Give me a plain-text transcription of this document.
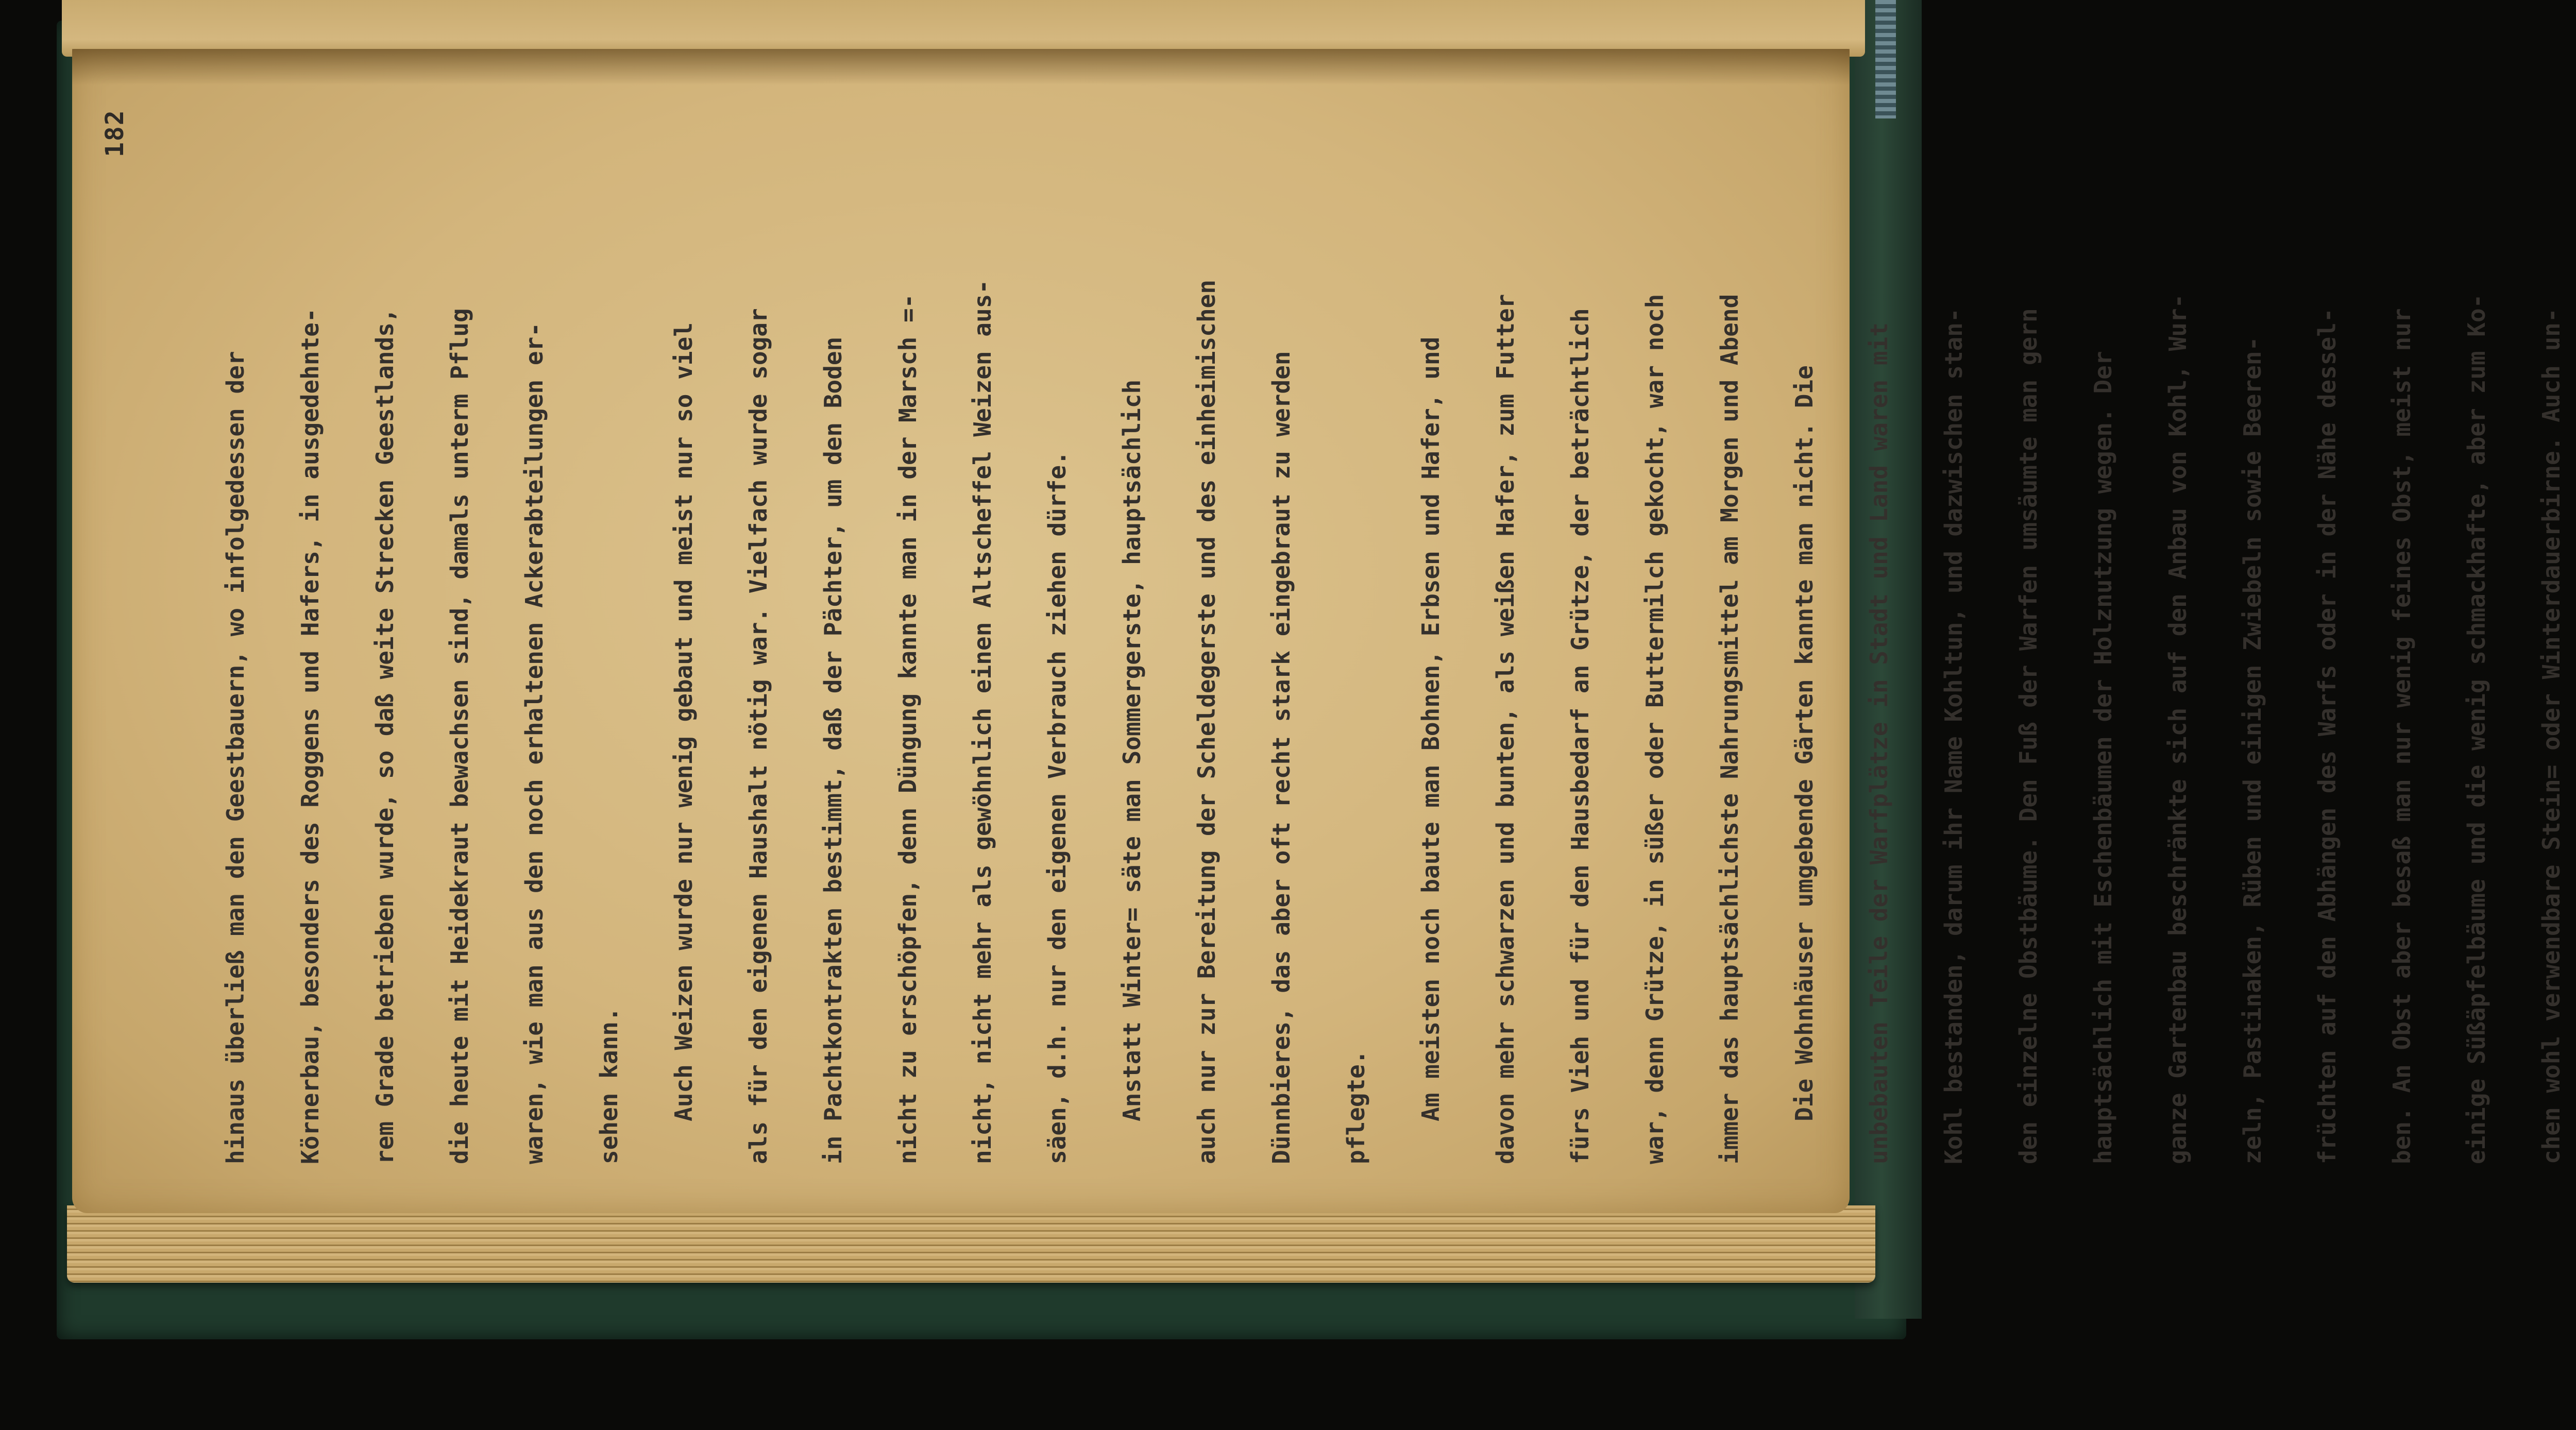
182
hinaus überließ man den Geestbauern, wo infolgedessen der	Körnerbau, besonders des Roggens und Hafers, in ausgedehnte-	rem Grade betrieben wurde, so daß weite Strecken Geestlands,	die heute mit Heidekraut bewachsen sind, damals unterm Pflug	waren, wie man aus den noch erhaltenen Ackerabteilungen er-	sehen kann.	Auch Weizen wurde nur wenig gebaut und meist nur so viel	als für den eigenen Haushalt nötig war. Vielfach wurde sogar	in Pachtkontrakten bestimmt, daß der Pächter, um den Boden	nicht zu erschöpfen, denn Düngung kannte man in der Marsch =-	nicht, nicht mehr als gewöhnlich einen Altscheffel Weizen aus-	säen, d.h. nur den eigenen Verbrauch ziehen dürfe.	Anstatt Winter= säte man Sommergerste, hauptsächlich	auch nur zur Bereitung der Scheldegerste und des einheimischen	Dünnbieres, das aber oft recht stark eingebraut zu werden	pflegte.	Am meisten noch baute man Bohnen, Erbsen und Hafer, und	davon mehr schwarzen und bunten, als weißen Hafer, zum Futter	fürs Vieh und für den Hausbedarf an Grütze, der beträchtlich	war, denn Grütze, in süßer oder Buttermilch gekocht, war noch	immer das hauptsächlichste Nahrungsmittel am Morgen und Abend	Die Wohnhäuser umgebende Gärten kannte man nicht. Die	unbebauten Teile der Warfplätze in Stadt und Land waren mit	Kohl bestanden, darum ihr Name Kohltun, und dazwischen stan-	den einzelne Obstbäume. Den Fuß der Warfen umsäumte man gern	hauptsächlich mit Eschenbäumen der Holznutzung wegen. Der	ganze Gartenbau beschränkte sich auf den Anbau von Kohl, Wur-	zeln, Pastinaken, Rüben und einigen Zwiebeln sowie Beeren-	früchten auf den Abhängen des Warfs oder in der Nähe dessel-	ben. An Obst aber besaß man nur wenig feines Obst, meist nur	einige Süßäpfelbäume und die wenig schmackhafte, aber zum Ko-	chen wohl verwendbare Stein= oder Winterdauerbirne. Auch un-
